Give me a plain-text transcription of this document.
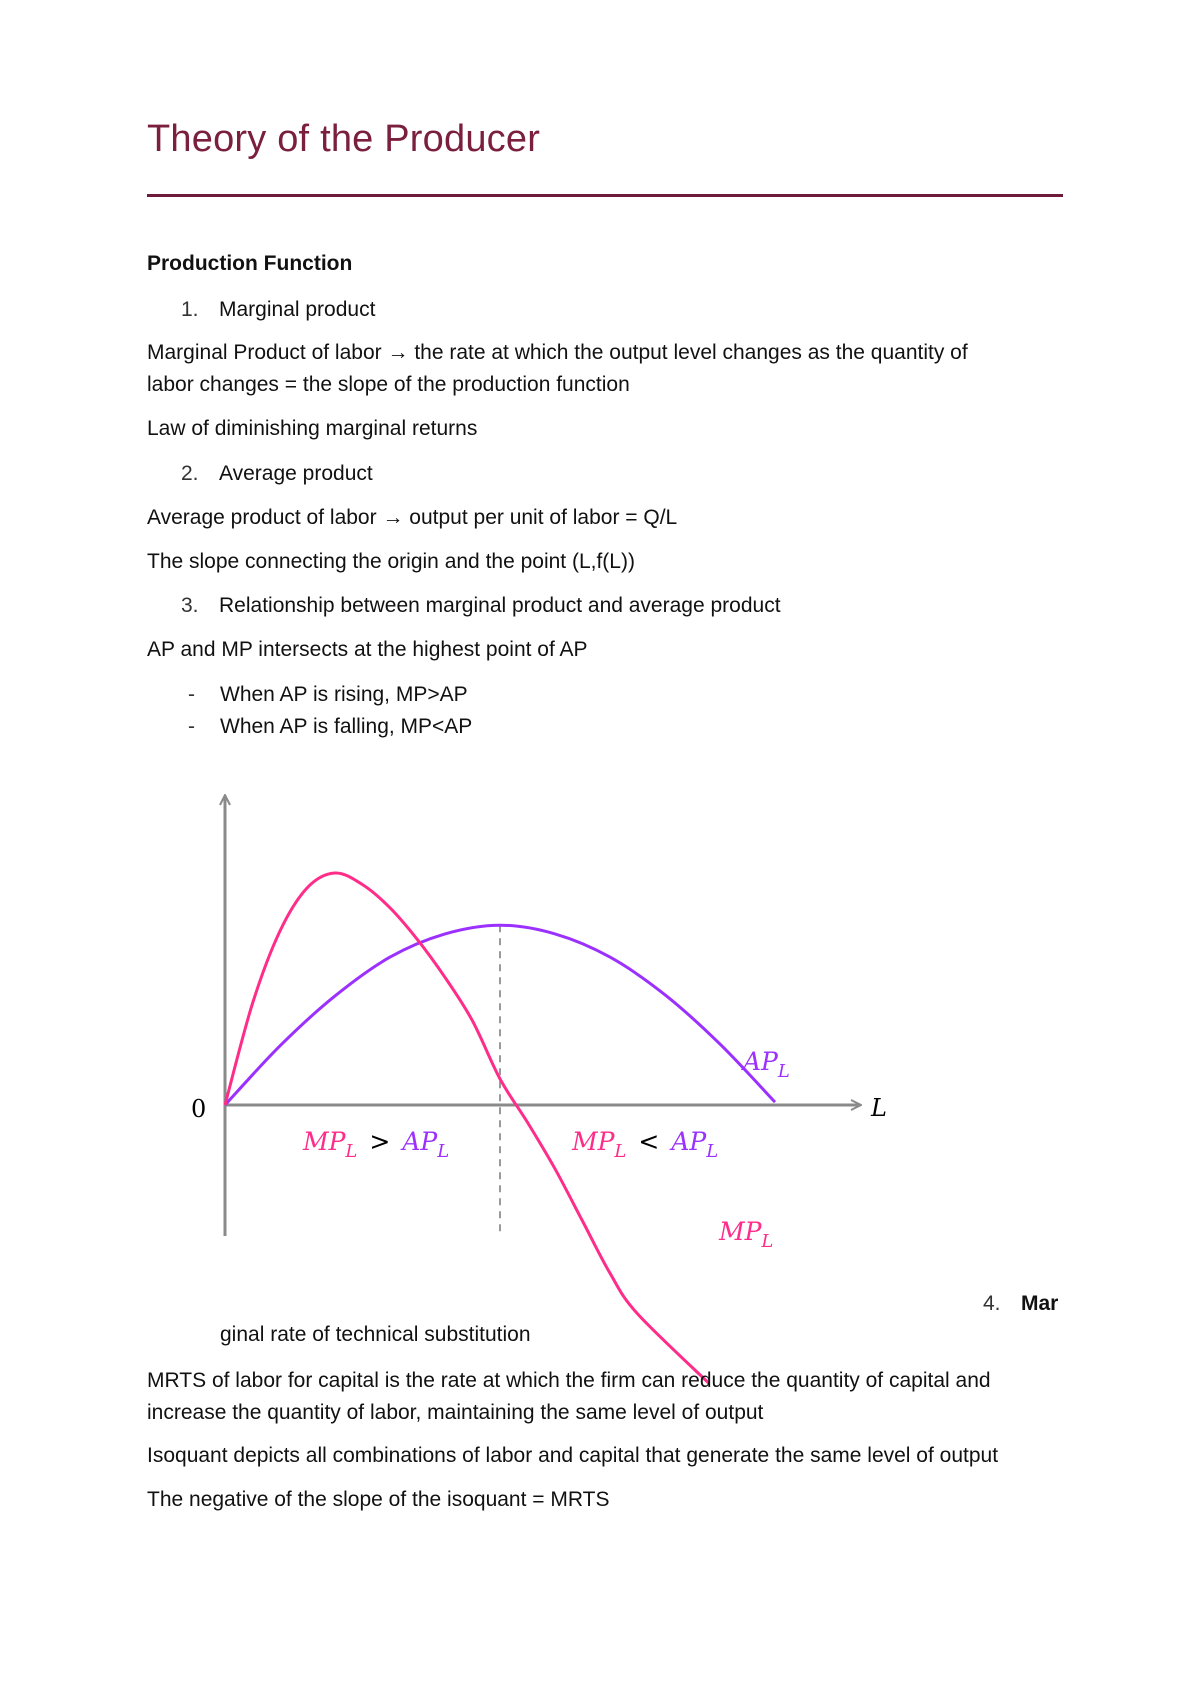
Theory of the Producer
Production Function
1. Marginal product
Marginal Product of labor → the rate at which the output level changes as the quantity of
labor changes = the slope of the production function
Law of diminishing marginal returns
2. Average product
Average product of labor → output per unit of labor = Q/L
The slope connecting the origin and the point (L,f(L))
3. Relationship between marginal product and average product
AP and MP intersects at the highest point of AP
- When AP is rising, MP>AP
- When AP is falling, MP<AP
0	L
$AP_L$
$MP_L$
$MP_L > AP_L$	$MP_L < AP_L$
4. Mar
ginal rate of technical substitution
MRTS of labor for capital is the rate at which the firm can reduce the quantity of capital and
increase the quantity of labor, maintaining the same level of output
Isoquant depicts all combinations of labor and capital that generate the same level of output
The negative of the slope of the isoquant = MRTS
